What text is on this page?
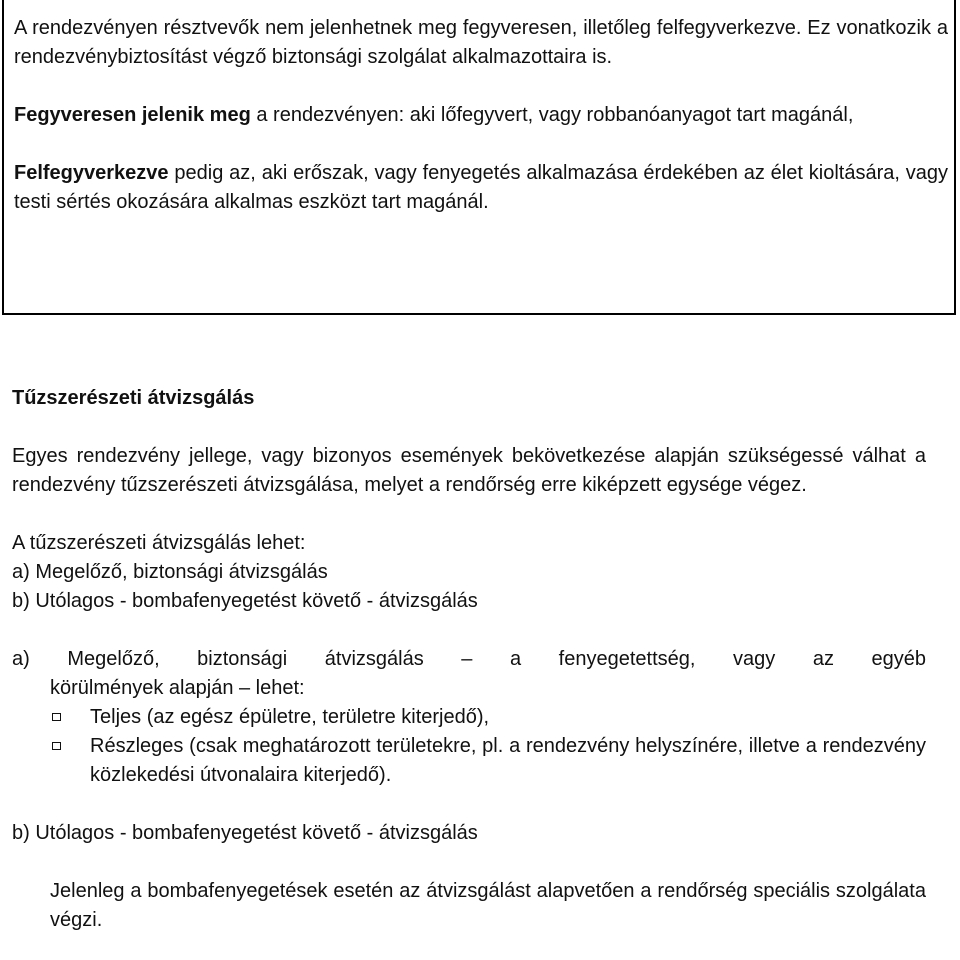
A rendezvényen résztvevők nem jelenhetnek meg fegyveresen, illetőleg felfegyverkezve. Ez vonatkozik a rendezvénybiztosítást végző biztonsági szolgálat alkalmazottaira is.

Fegyveresen jelenik meg a rendezvényen: aki lőfegyvert, vagy robbanóanyagot tart magánál,

Felfegyverkezve pedig az, aki erőszak, vagy fenyegetés alkalmazása érdekében az élet kioltására, vagy testi sértés okozására alkalmas eszközt tart magánál.

Tűzszerészeti átvizsgálás

Egyes rendezvény jellege, vagy bizonyos események bekövetkezése alapján szükségessé válhat a rendezvény tűzszerészeti átvizsgálása, melyet a rendőrség erre kiképzett egysége végez.

A tűzszerészeti átvizsgálás lehet:

a) Megelőző, biztonsági átvizsgálás

b) Utólagos - bombafenyegetést követő - átvizsgálás

a) Megelőző, biztonsági átvizsgálás – a fenyegetettség, vagy az egyéb

körülmények alapján – lehet:

Teljes (az egész épületre, területre kiterjedő),

Részleges (csak meghatározott területekre, pl. a rendezvény helyszínére, illetve a rendezvény közlekedési útvonalaira kiterjedő).

b) Utólagos - bombafenyegetést követő - átvizsgálás

Jelenleg a bombafenyegetések esetén az átvizsgálást alapvetően a rendőrség speciális szolgálata végzi.
